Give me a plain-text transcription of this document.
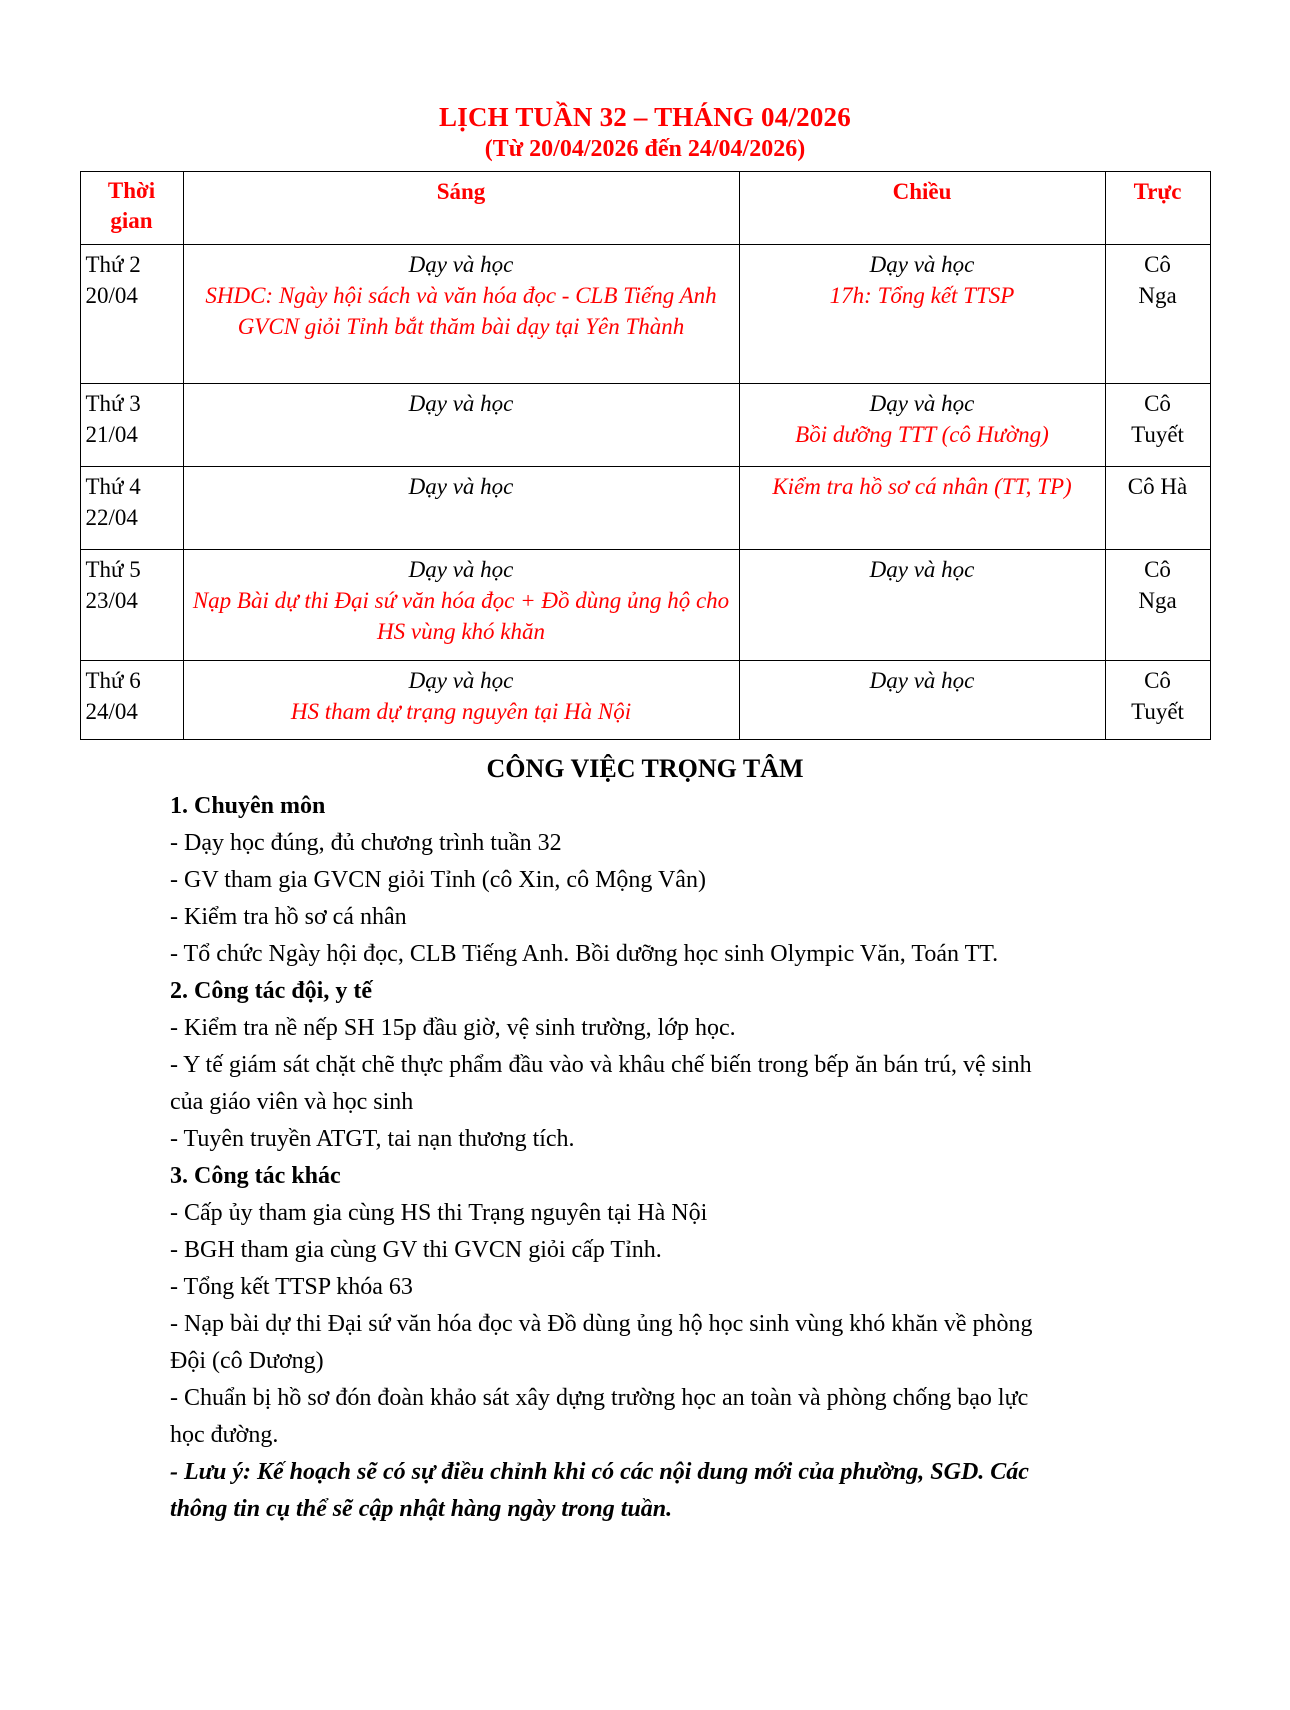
LỊCH TUẦN 32 – THÁNG 04/2026
(Từ 20/04/2026 đến 24/04/2026)
Thời
gian	Sáng	Chiều	Trực

Thứ 2
20/04	Dạy và học
SHDC: Ngày hội sách và văn hóa đọc - CLB Tiếng Anh
GVCN giỏi Tỉnh bắt thăm bài dạy tại Yên Thành	Dạy và học
17h: Tổng kết TTSP	Cô
Nga

Thứ 3
21/04	Dạy và học	Dạy và học
Bồi dưỡng TTT (cô Hường)	Cô
Tuyết

Thứ 4
22/04	Dạy và học	Kiểm tra hồ sơ cá nhân (TT, TP)	Cô Hà

Thứ 5
23/04	Dạy và học
Nạp Bài dự thi Đại sứ văn hóa đọc + Đồ dùng ủng hộ cho HS vùng khó khăn	Dạy và học	Cô
Nga

Thứ 6
24/04	Dạy và học
HS tham dự trạng nguyên tại Hà Nội	Dạy và học	Cô
Tuyết
CÔNG VIỆC TRỌNG TÂM

1. Chuyên môn

- Dạy học đúng, đủ chương trình tuần 32

- GV tham gia GVCN giỏi Tỉnh (cô Xin, cô Mộng Vân)

- Kiểm tra hồ sơ cá nhân

- Tổ chức Ngày hội đọc, CLB Tiếng Anh. Bồi dưỡng học sinh Olympic Văn, Toán TT.

2. Công tác đội, y tế

- Kiểm tra nề nếp SH 15p đầu giờ, vệ sinh trường, lớp học.

- Y tế giám sát chặt chẽ thực phẩm đầu vào và khâu chế biến trong bếp ăn bán trú, vệ sinh của giáo viên và học sinh

- Tuyên truyền ATGT, tai nạn thương tích.

3. Công tác khác

- Cấp ủy tham gia cùng HS thi Trạng nguyên tại Hà Nội

- BGH tham gia cùng GV thi GVCN giỏi cấp Tỉnh.

- Tổng kết TTSP khóa 63

- Nạp bài dự thi Đại sứ văn hóa đọc và Đồ dùng ủng hộ học sinh vùng khó khăn về phòng Đội (cô Dương)

- Chuẩn bị hồ sơ đón đoàn khảo sát xây dựng trường học an toàn và phòng chống bạo lực học đường.

- Lưu ý: Kế hoạch sẽ có sự điều chỉnh khi có các nội dung mới của phường, SGD. Các thông tin cụ thể sẽ cập nhật hàng ngày trong tuần.
